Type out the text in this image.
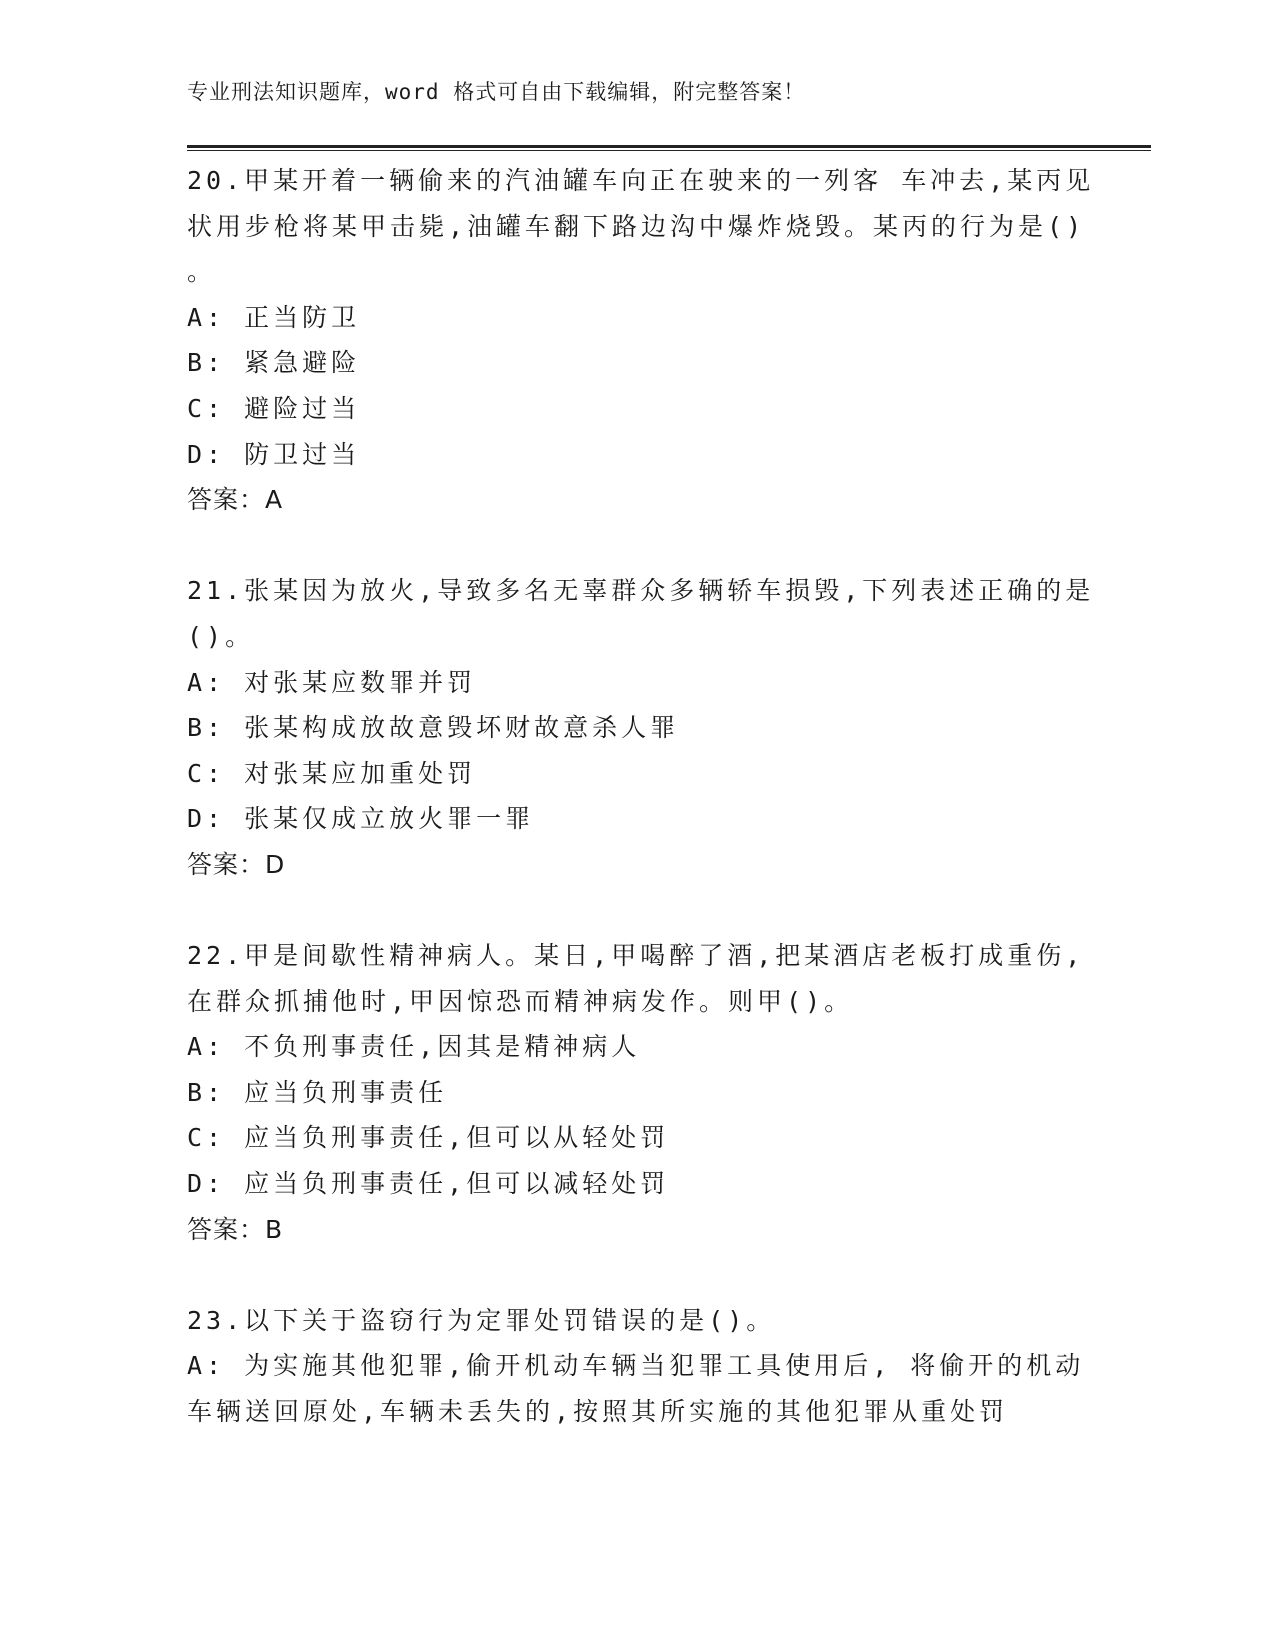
专业刑法知识题库，word 格式可自由下载编辑，附完整答案！
20.甲某开着一辆偷来的汽油罐车向正在驶来的一列客 车冲去,某丙见
状用步枪将某甲击毙,油罐车翻下路边沟中爆炸烧毁。某丙的行为是()
。
A: 正当防卫
B: 紧急避险
C: 避险过当
D: 防卫过当
答案：A
21.张某因为放火,导致多名无辜群众多辆轿车损毁,下列表述正确的是
()。
A: 对张某应数罪并罚
B: 张某构成放故意毁坏财故意杀人罪
C: 对张某应加重处罚
D: 张某仅成立放火罪一罪
答案：D
22.甲是间歇性精神病人。某日,甲喝醉了酒,把某酒店老板打成重伤,
在群众抓捕他时,甲因惊恐而精神病发作。则甲()。
A: 不负刑事责任,因其是精神病人
B: 应当负刑事责任
C: 应当负刑事责任,但可以从轻处罚
D: 应当负刑事责任,但可以减轻处罚
答案：B
23.以下关于盗窃行为定罪处罚错误的是()。
A: 为实施其他犯罪,偷开机动车辆当犯罪工具使用后, 将偷开的机动
车辆送回原处,车辆未丢失的,按照其所实施的其他犯罪从重处罚
